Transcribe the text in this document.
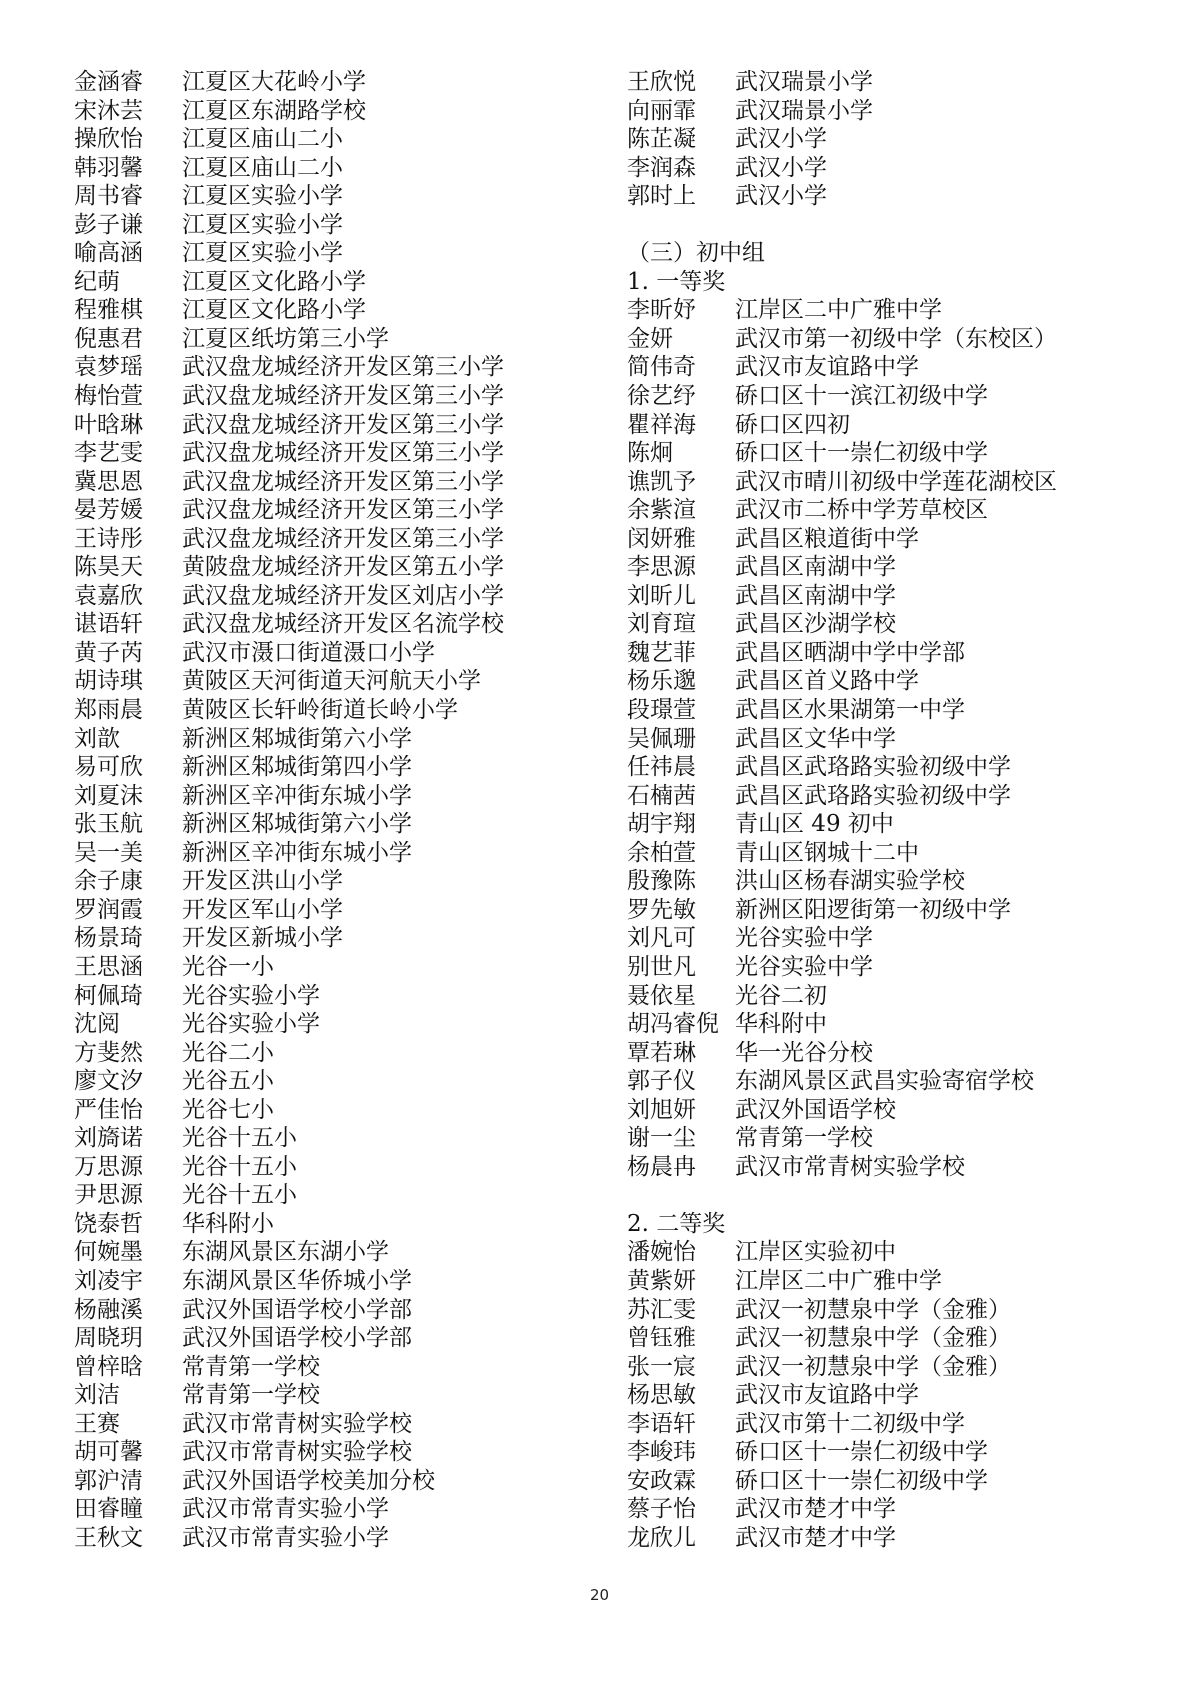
金涵睿	江夏区大花岭小学
宋沐芸	江夏区东湖路学校
操欣怡	江夏区庙山二小
韩羽馨	江夏区庙山二小
周书睿	江夏区实验小学
彭子谦	江夏区实验小学
喻高涵	江夏区实验小学
纪萌	江夏区文化路小学
程雅棋	江夏区文化路小学
倪惠君	江夏区纸坊第三小学
袁梦瑶	武汉盘龙城经济开发区第三小学
梅怡萱	武汉盘龙城经济开发区第三小学
叶晗琳	武汉盘龙城经济开发区第三小学
李艺雯	武汉盘龙城经济开发区第三小学
冀思恩	武汉盘龙城经济开发区第三小学
晏芳媛	武汉盘龙城经济开发区第三小学
王诗彤	武汉盘龙城经济开发区第三小学
陈昊天	黄陂盘龙城经济开发区第五小学
袁嘉欣	武汉盘龙城经济开发区刘店小学
谌语轩	武汉盘龙城经济开发区名流学校
黄子芮	武汉市滠口街道滠口小学
胡诗琪	黄陂区天河街道天河航天小学
郑雨晨	黄陂区长轩岭街道长岭小学
刘歆	新洲区邾城街第六小学
易可欣	新洲区邾城街第四小学
刘夏沫	新洲区辛冲街东城小学
张玉航	新洲区邾城街第六小学
吴一美	新洲区辛冲街东城小学
余子康	开发区洪山小学
罗润霞	开发区军山小学
杨景琦	开发区新城小学
王思涵	光谷一小
柯佩琦	光谷实验小学
沈阅	光谷实验小学
方斐然	光谷二小
廖文汐	光谷五小
严佳怡	光谷七小
刘旖诺	光谷十五小
万思源	光谷十五小
尹思源	光谷十五小
饶泰哲	华科附小
何婉墨	东湖风景区东湖小学
刘凌宇	东湖风景区华侨城小学
杨融溪	武汉外国语学校小学部
周晓玥	武汉外国语学校小学部
曾梓晗	常青第一学校
刘洁	常青第一学校
王赛	武汉市常青树实验学校
胡可馨	武汉市常青树实验学校
郭沪清	武汉外国语学校美加分校
田睿瞳	武汉市常青实验小学
王秋文	武汉市常青实验小学
王欣悦	武汉瑞景小学
向丽霏	武汉瑞景小学
陈芷凝	武汉小学
李润森	武汉小学
郭时上	武汉小学
（三）初中组
1. 一等奖
李昕妤	江岸区二中广雅中学
金妍	武汉市第一初级中学（东校区）
简伟奇	武汉市友谊路中学
徐艺纾	硚口区十一滨江初级中学
瞿祥海	硚口区四初
陈炯	硚口区十一崇仁初级中学
谯凯予	武汉市晴川初级中学莲花湖校区
余紫渲	武汉市二桥中学芳草校区
闵妍雅	武昌区粮道街中学
李思源	武昌区南湖中学
刘昕儿	武昌区南湖中学
刘育瑄	武昌区沙湖学校
魏艺菲	武昌区晒湖中学中学部
杨乐邈	武昌区首义路中学
段璟萱	武昌区水果湖第一中学
吴佩珊	武昌区文华中学
任祎晨	武昌区武珞路实验初级中学
石楠茜	武昌区武珞路实验初级中学
胡宇翔	青山区 49 初中
余柏萱	青山区钢城十二中
殷豫陈	洪山区杨春湖实验学校
罗先敏	新洲区阳逻街第一初级中学
刘凡可	光谷实验中学
别世凡	光谷实验中学
聂依星	光谷二初
胡冯睿倪 华科附中
覃若琳	华一光谷分校
郭子仪	东湖风景区武昌实验寄宿学校
刘旭妍	武汉外国语学校
谢一尘	常青第一学校
杨晨冉	武汉市常青树实验学校
2. 二等奖
潘婉怡	江岸区实验初中
黄紫妍	江岸区二中广雅中学
苏汇雯	武汉一初慧泉中学（金雅）
曾钰雅	武汉一初慧泉中学（金雅）
张一宸	武汉一初慧泉中学（金雅）
杨思敏	武汉市友谊路中学
李语轩	武汉市第十二初级中学
李峻玮	硚口区十一崇仁初级中学
安政霖	硚口区十一崇仁初级中学
蔡子怡	武汉市楚才中学
龙欣儿	武汉市楚才中学
20
